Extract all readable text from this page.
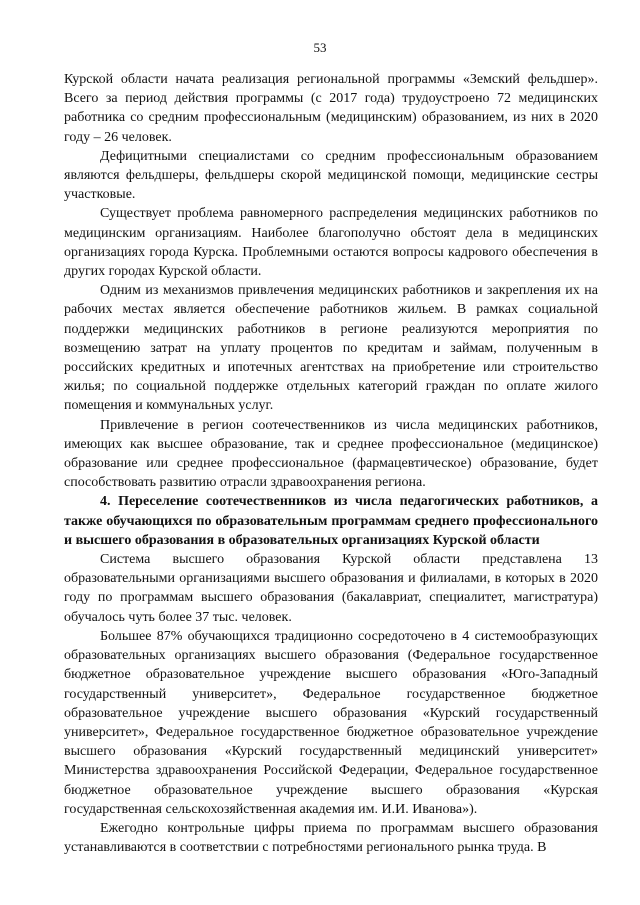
53

Курской области начата реализация региональной программы «Земский фельдшер». Всего за период действия программы (с 2017 года) трудоустроено 72 медицинских работника со средним профессиональным (медицинским) образованием, из них в 2020 году – 26 человек.

Дефицитными специалистами со средним профессиональным образованием являются фельдшеры, фельдшеры скорой медицинской помощи, медицинские сестры участковые.

Существует проблема равномерного распределения медицинских работников по медицинским организациям. Наиболее благополучно обстоят дела в медицинских организациях города Курска. Проблемными остаются вопросы кадрового обеспечения в других городах Курской области.

Одним из механизмов привлечения медицинских работников и закрепления их на рабочих местах является обеспечение работников жильем. В рамках социальной поддержки медицинских работников в регионе реализуются мероприятия по возмещению затрат на уплату процентов по кредитам и займам, полученным в российских кредитных и ипотечных агентствах на приобретение или строительство жилья; по социальной поддержке отдельных категорий граждан по оплате жилого помещения и коммунальных услуг.

Привлечение в регион соотечественников из числа медицинских работников, имеющих как высшее образование, так и среднее профессиональное (медицинское) образование или среднее профессиональное (фармацевтическое) образование, будет способствовать развитию отрасли здравоохранения региона.

4. Переселение соотечественников из числа педагогических работников, а также обучающихся по образовательным программам среднего профессионального и высшего образования в образовательных организациях Курской области

Система высшего образования Курской области представлена 13 образовательными организациями высшего образования и филиалами, в которых в 2020 году по программам высшего образования (бакалавриат, специалитет, магистратура) обучалось чуть более 37 тыс. человек.

Большее 87% обучающихся традиционно сосредоточено в 4 системообразующих образовательных организациях высшего образования (Федеральное государственное бюджетное образовательное учреждение высшего образования «Юго-Западный государственный университет», Федеральное государственное бюджетное образовательное учреждение высшего образования «Курский государственный университет», Федеральное государственное бюджетное образовательное учреждение высшего образования «Курский государственный медицинский университет» Министерства здравоохранения Российской Федерации, Федеральное государственное бюджетное образовательное учреждение высшего образования «Курская государственная сельскохозяйственная академия им. И.И. Иванова»).

Ежегодно контрольные цифры приема по программам высшего образования устанавливаются в соответствии с потребностями регионального рынка труда. В
